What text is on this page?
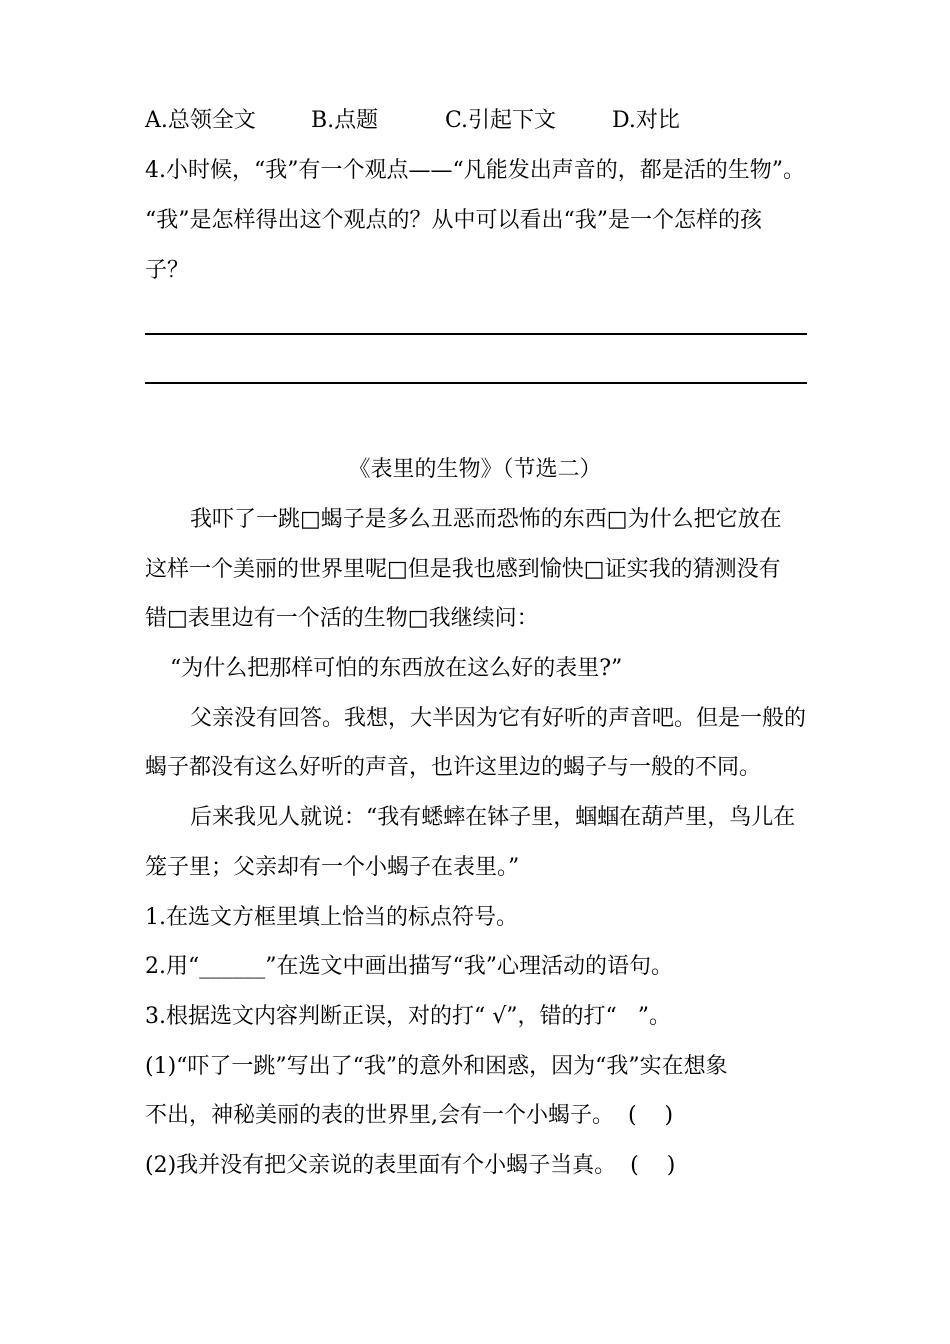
A.总领全文	B.点题	C.引起下文	D.对比
4.小时候，“我”有一个观点——“凡能发出声音的，都是活的生物”。
“我”是怎样得出这个观点的？从中可以看出“我”是一个怎样的孩
子？
《表里的生物》（节选二）
我吓了一跳□蝎子是多么丑恶而恐怖的东西□为什么把它放在
这样一个美丽的世界里呢□但是我也感到愉快□证实我的猜测没有
错□表里边有一个活的生物□我继续问：
“为什么把那样可怕的东西放在这么好的表里?”
父亲没有回答。我想，大半因为它有好听的声音吧。但是一般的
蝎子都没有这么好听的声音，也许这里边的蝎子与一般的不同。
后来我见人就说：“我有蟋蟀在钵子里，蝈蝈在葫芦里，鸟儿在
笼子里；父亲却有一个小蝎子在表里。”
1.在选文方框里填上恰当的标点符号。
2.用“______”在选文中画出描写“我”心理活动的语句。
3.根据选文内容判断正误，对的打“ √”，错的打“   ”。
(1)“吓了一跳”写出了“我”的意外和困惑，因为“我”实在想象
不出，神秘美丽的表的世界里,会有一个小蝎子。  (    )
(2)我并没有把父亲说的表里面有个小蝎子当真。  (    )
